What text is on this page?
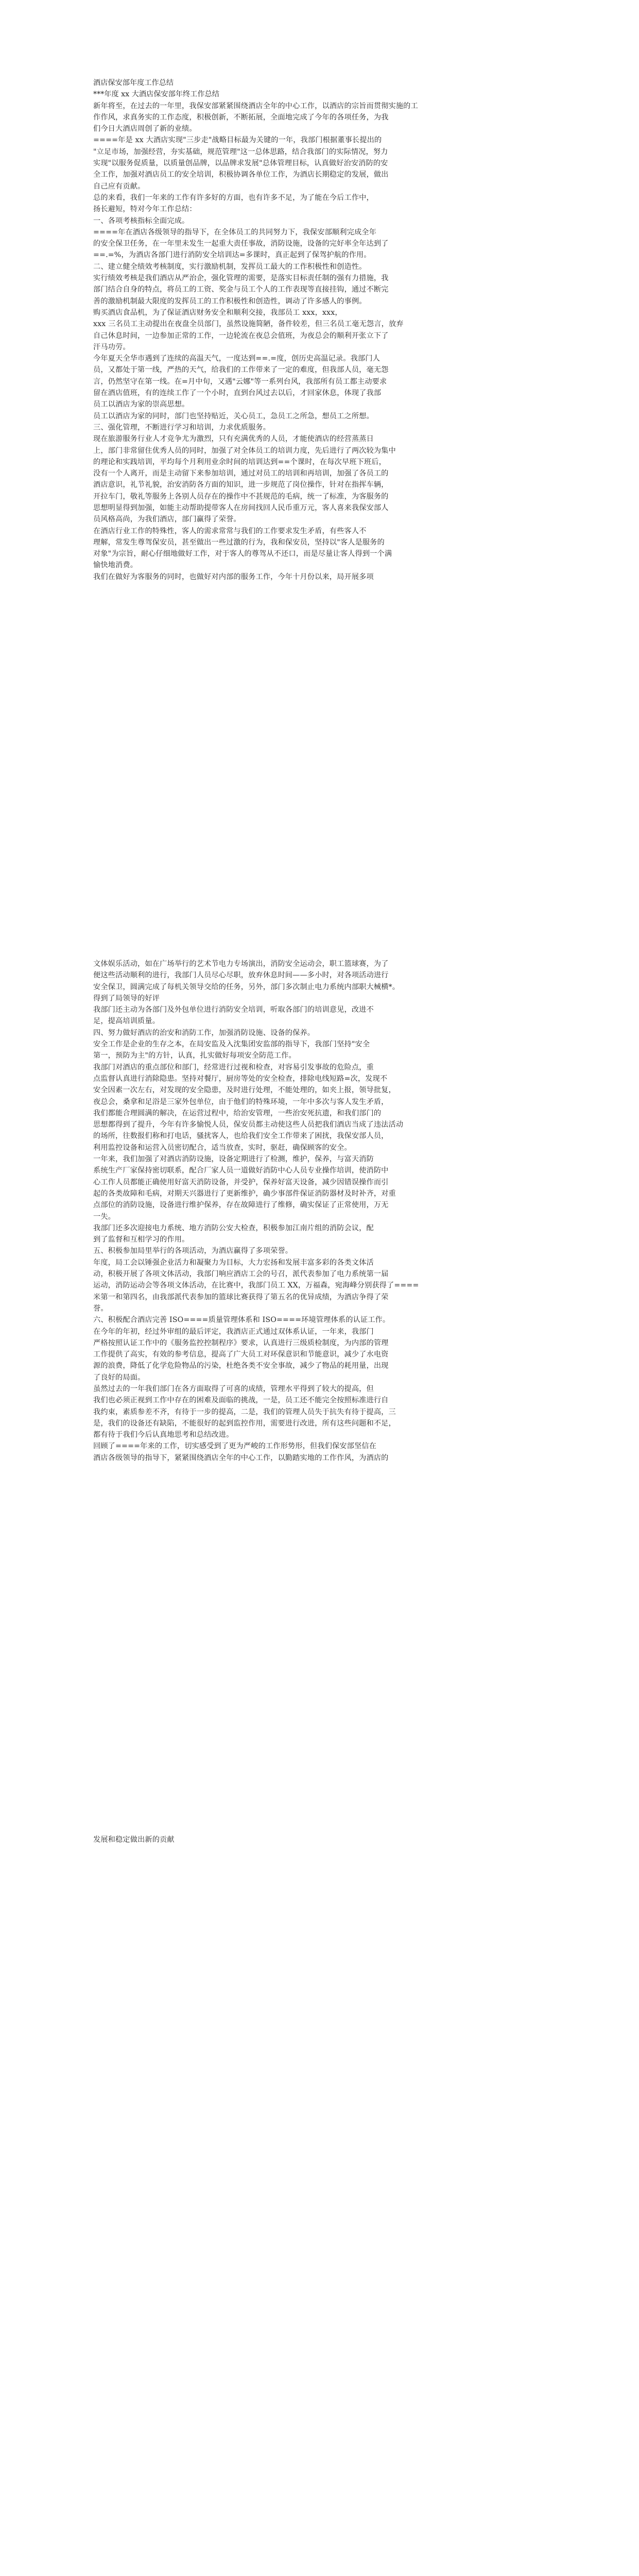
酒店保安部年度工作总结
***年度 xx 大酒店保安部年终工作总结
新年将至，在过去的一年里，我保安部紧紧围绕酒店全年的中心工作，以酒店的宗旨而贯彻实施的工
作作风，求真务实的工作态度，积极创新，不断拓展，全面地完成了今年的各项任务，为我
们今日大酒店周创了新的业绩。
====年是 xx 大酒店实现"三步走"战略目标最为关键的一年，我部门根据董事长提出的
"立足市场，加强经营，夯实基础，规范管理"这一总体思路，结合我部门的实际情况，努力
实现"以服务促质量，以质量创品牌，以品牌求发展"总体管理目标，认真做好治安消防的安
全工作，加强对酒店员工的安全培训，积极协调各单位工作，为酒店长期稳定的发展，做出
自己应有贡献。
总的来看，我们一年来的工作有许多好的方面，也有许多不足，为了能在今后工作中，
扬长避短，特对今年工作总结：
一、各项考核指标全面完成。
====年在酒店各级领导的指导下，在全体员工的共同努力下，我保安部顺利完成全年
的安全保卫任务，在一年里未发生一起重大责任事故，消防设施，设备的完好率全年达到了
==.=%，为酒店各部门进行消防安全培训达=多课时，真正起到了保驾护航的作用。
二、建立健全绩效考核制度，实行激励机制，发挥员工最大的工作积极性和创造性。
实行绩效考核是我们酒店从严治企，强化管理的需要，是落实目标责任制的强有力措施，我
部门结合自身的特点，将员工的工资、奖金与员工个人的工作表现等直接挂钩，通过不断完
善的激励机制最大限度的发挥员工的工作积极性和创造性，调动了许多感人的事例。
购买酒店食品机，为了保证酒店财务安全和顺利交接，我部员工 xxx，xxx，
xxx 三名员工主动提出在夜盘全员部门，虽然设施简陋，备件较差，但三名员工毫无怨言，放弃
自己休息时间，一边参加正常的工作，一边轮流在夜总会值班，为夜总会的顺利开张立下了
汗马功劳。
今年夏天全华市遇到了连续的高温天气，一度达到==.=度，创历史高温记录。我部门人
员，又都处于第一线，严热的天气，给我们的工作带来了一定的难度，但我部人员，毫无怨
言，仍然坚守在第一线。在=月中旬，又遇"云娜"等一系列台风，我部所有员工都主动要求
留在酒店值班，有的连续工作了一个小时，直到台风过去以后，才回家休息，体现了我部
员工以酒店为家的崇高思想。
员工以酒店为家的同时，部门也坚持贴近，关心员工，急员工之所急，想员工之所想。
三、强化管理，不断进行学习和培训，力求优质服务。
现在旅游服务行业人才竞争尤为激烈，只有充满优秀的人员，才能使酒店的经营蒸蒸日
上，部门非常留住优秀人员的同时，加强了对全体员工的培训力度，先后进行了两次较为集中
的理论和实践培训，平均每个月利用业余时间的培训达到==个课时，在每次早班下班后，
没有一个人离开，而是主动留下来参加培训，通过对员工的培训和再培训，加强了各员工的
酒店意识，礼节礼貌，治安消防各方面的知识，进一步规范了岗位操作，针对在指挥车辆，
开拉车门，敬礼等服务上各别人员存在的操作中不甚规范的毛病，统一了标准，为客服务的
思想明显得到加强，如能主动帮助提带客人在房间找回人民币重万元，客人喜来我保安部人
员风格高尚，为我们酒店，部门赢得了荣誉。
在酒店行业工作的特殊性，客人的需求常常与我们的工作要求发生矛盾，有些客人不
理解，常发生尊驾保安员，甚至做出一些过激的行为，我和保安员，坚持以"客人是服务的
对象"为宗旨，耐心仔细地做好工作，对于客人的尊驾从不还口，而是尽量让客人得到一个满
愉快地消费。
我们在做好为客服务的同时，也做好对内部的服务工作，今年十月份以来，局开展多项
文体娱乐活动，如在广场举行的艺术节电力专场演出，消防安全运动会，职工篮球赛，为了
便这些活动顺利的进行，我部门人员尽心尽职，放弃休息时间——多小时，对各项活动进行
安全保卫，圆满完成了每机关领导交给的任务，另外，部门多次制止电力系统内部职大械横*。
得到了局领导的好评
我部门还主动为各部门及外包单位进行消防安全培训，听取各部门的培训意见，改进不
足，提高培训质量。
四、努力做好酒店的治安和消防工作，加强消防设施、设备的保养。
安全工作是企业的生存之本，在局安监及入沈集团安监部的指导下，我部门坚持"安全
第一，预防为主"的方针，认真，扎实做好每项安全防范工作。
我部门对酒店的重点部位和部门，经常进行过视和检查，对容易引发事故的危险点，重
点监督认真进行消除隐患。坚持对餐厅，厨房等处的安全检查，排除电线短路=次，发现不
安全因素一次左右，对发现的安全隐患，及时进行处理，不能处理的，如夹上报，领导批复，
夜总会，桑拿和足浴是三家外包单位，由于他们的特殊环境，一年中多次与客人发生矛盾，
我们都能合理圆满的解决，在运营过程中，给治安管理，一些治安死抗遗，和我们部门的
思想都得到了提升，今年有许多愉悦人员，保安员都主动使这些人员把我们酒店当成了违法活动
的场所，往数报们称和打电话，骚扰客人，也给我们安全工作带来了困扰，我保安部人员，
利用监控设备和运营入员密切配合，适当放查，实时，驱赶，确保顾客的安全。
一年来，我们加强了对酒店消防设施，设备定期进行了检测，维护，保养，与富天消防
系统生产厂家保持密切联系，配合厂家人员一道做好消防中心人员专业操作培训，使消防中
心工作人员都能正确使用好富天消防设备，并受护，保养好富天设备，减少因错误操作而引
起的各类故障和毛病，对期天兴器进行了更新维护，确少事部件保证消防器材及时补齐，对重
点部位的消防设施，设备进行维护保养，存在故障进行了维修，确实保证了正常使用，万无
一失。
我部门还多次迎接电力系统、地方消防公安大检查，积极参加江南片组的消防会议，配
到了监督和互相学习的作用。
五、积极参加局里举行的各项活动，为酒店赢得了多项荣誉。
年度，局工会以锤强企业活力和凝聚力为目标，大力宏扬和发展丰富多彩的各类文体活
动，积极开展了各项文体活动，我部门响应酒店工会的号召，派代表参加了电力系统第一届
运动，消防运动会等各项文体活动，在比赛中，我部门员工 XX，万福森，宛海峰分别获得了====
米第一和第四名，由我部派代表参加的篮球比赛获得了第五名的优异成绩，为酒店争得了荣
誉。
六、积极配合酒店完善 ISO====质量管理体系和 ISO====环境管理体系的认证工作。
在今年的年初，经过外审组的最后评定，我酒店正式通过双体系认证，一年来，我部门
严格按照认证工作中的《服务监控控制程序》要求，认真进行三级质检制度，为内部的管理
工作提供了高实，有效的参考信息，提高了广大员工对环保意识和节能意识，减少了水电资
源的浪费，降低了化学危险物品的污染，杜绝各类不安全事故，减少了物品的耗用量，出现
了良好的局面。
虽然过去的一年我们部门在各方面取得了可喜的成绩，管理水平得到了较大的提高，但
我们也必须正视到工作中存在的困难及面临的挑战，一是，员工还不能完全按照标准进行自
我约束，素质参差不齐，有待于一步的提高，二是，我们的管理人员失于抗失有待于提高，三
是，我们的设备还有缺陷，不能很好的起到监控作用，需要进行改进，所有这些问题和不足，
都有待于我们今后认真地思考和总结改进。
回顾了====年来的工作，切实感受到了更为严峻的工作形势形，但我们保安部坚信在
酒店各级领导的指导下，紧紧围绕酒店全年的中心工作，以勤踏实地的工作作风，为酒店的
发展和稳定做出新的贡献
